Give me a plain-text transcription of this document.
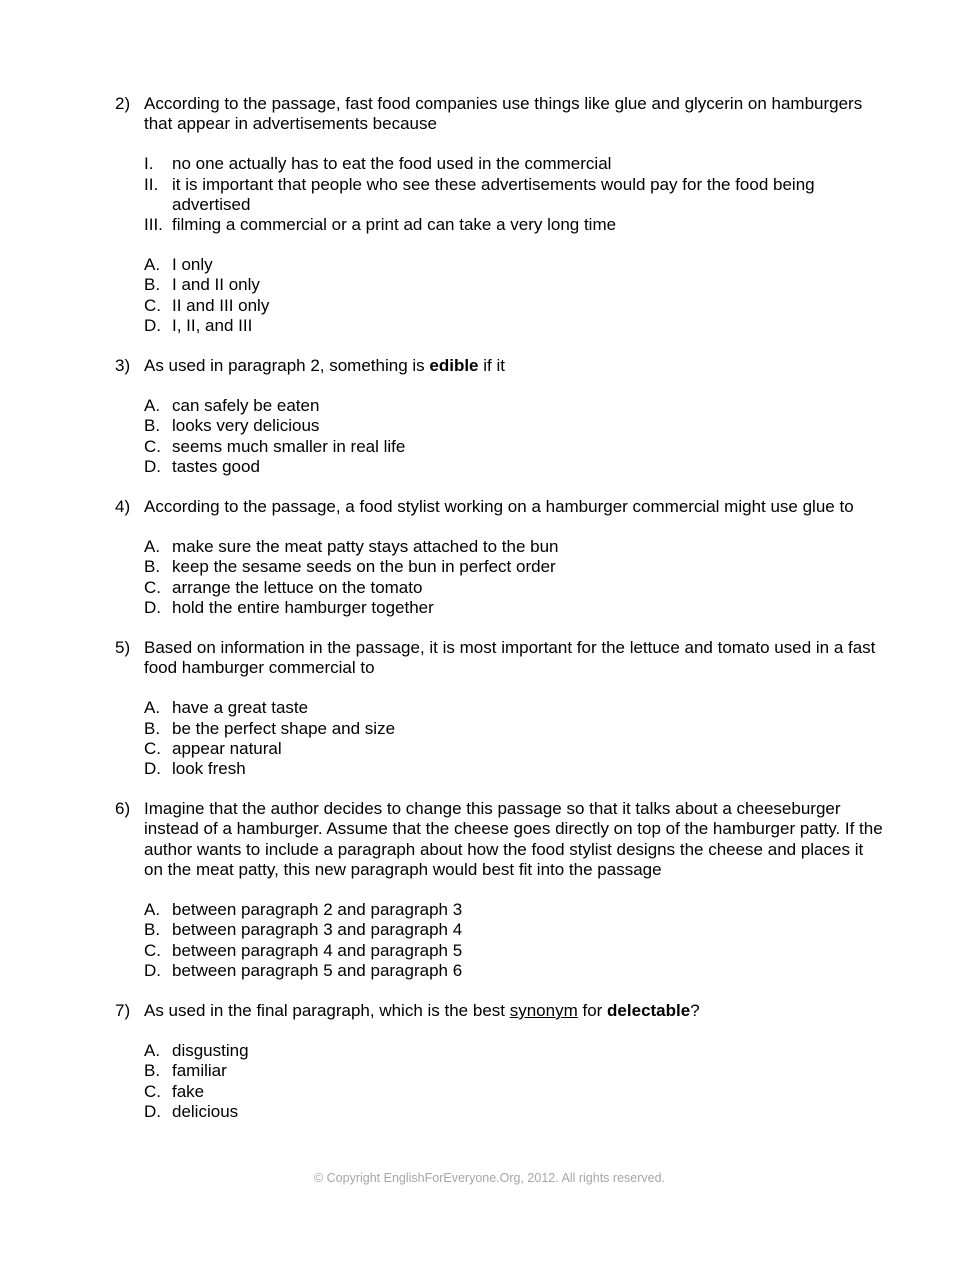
2) According to the passage, fast food companies use things like glue and glycerin on hamburgers that appear in advertisements because
I. no one actually has to eat the food used in the commercial
II. it is important that people who see these advertisements would pay for the food being advertised
III. filming a commercial or a print ad can take a very long time
A. I only
B. I and II only
C. II and III only
D. I, II, and III
3) As used in paragraph 2, something is edible if it
A. can safely be eaten
B. looks very delicious
C. seems much smaller in real life
D. tastes good
4) According to the passage, a food stylist working on a hamburger commercial might use glue to
A. make sure the meat patty stays attached to the bun
B. keep the sesame seeds on the bun in perfect order
C. arrange the lettuce on the tomato
D. hold the entire hamburger together
5) Based on information in the passage, it is most important for the lettuce and tomato used in a fast food hamburger commercial to
A. have a great taste
B. be the perfect shape and size
C. appear natural
D. look fresh
6) Imagine that the author decides to change this passage so that it talks about a cheeseburger instead of a hamburger. Assume that the cheese goes directly on top of the hamburger patty. If the author wants to include a paragraph about how the food stylist designs the cheese and places it on the meat patty, this new paragraph would best fit into the passage
A. between paragraph 2 and paragraph 3
B. between paragraph 3 and paragraph 4
C. between paragraph 4 and paragraph 5
D. between paragraph 5 and paragraph 6
7) As used in the final paragraph, which is the best synonym for delectable?
A. disgusting
B. familiar
C. fake
D. delicious
© Copyright EnglishForEveryone.Org, 2012. All rights reserved.
